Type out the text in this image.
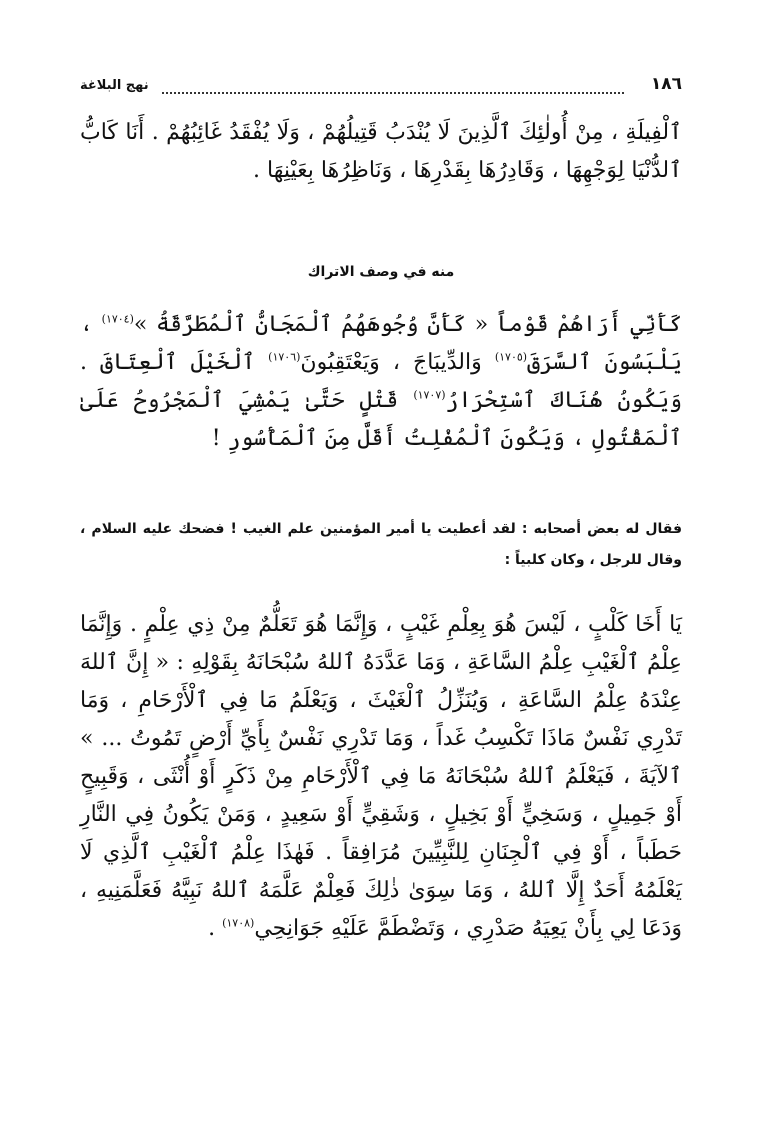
نهج البلاغة	١٨٦
ٱلْفِيلَةِ ، مِنْ أُولٰئِكَ ٱلَّذِينَ لَا يُنْدَبُ قَتِيلُهُمْ ، وَلَا يُفْقَدُ غَائِبُهُمْ . أَنَا كَابُّ ٱلدُّنْيَا لِوَجْهِهَا ، وَقَادِرُهَا بِقَدْرِهَا ، وَنَاظِرُهَا بِعَيْنِهَا .
منه في وصف الاتراك
كَأَنِّي أَرَاهُمْ قَوْماً « كَأَنَّ وُجُوهَهُمُ ٱلْمَجَانُّ ٱلْمُطَرَّقَةُ »$^{(١٧٠٤)}$ ، يَلْبَسُونَ ٱلسَّرَقَ$^{(١٧٠٥)}$ وَالدِّيبَاجَ ، وَيَعْتَقِبُونَ$^{(١٧٠٦)}$ ٱلْخَيْلَ ٱلْعِتَاقَ . وَيَكُونُ هُنَاكَ ٱسْتِحْرَارُ$^{(١٧٠٧)}$ قَتْلٍ حَتَّىٰ يَمْشِيَ ٱلْمَجْرُوحُ عَلَىٰ ٱلْمَقْتُولِ ، وَيَكُونَ ٱلْمُفْلِتُ أَقَلَّ مِنَ ٱلْمَأْسُورِ !
فقال له بعض أصحابه : لقد أعطيت يا أمير المؤمنين علم الغيب ! فضحك عليه السلام ، وقال للرجل ، وكان كلبياً :
يَا أَخَا كَلْبٍ ، لَيْسَ هُوَ بِعِلْمِ غَيْبٍ ، وَإِنَّمَا هُوَ تَعَلُّمٌ مِنْ ذِي عِلْمٍ . وَإِنَّمَا عِلْمُ ٱلْغَيْبِ عِلْمُ السَّاعَةِ ، وَمَا عَدَّدَهُ ٱللهُ سُبْحَانَهُ بِقَوْلِهِ : « إِنَّ ٱللهَ عِنْدَهُ عِلْمُ السَّاعَةِ ، وَيُنَزِّلُ ٱلْغَيْثَ ، وَيَعْلَمُ مَا فِي ٱلْأَرْحَامِ ، وَمَا تَدْرِي نَفْسٌ مَاذَا تَكْسِبُ غَداً ، وَمَا تَدْرِي نَفْسٌ بِأَيِّ أَرْضٍ تَمُوتُ ... » ٱلآيَةَ ، فَيَعْلَمُ ٱللهُ سُبْحَانَهُ مَا فِي ٱلْأَرْحَامِ مِنْ ذَكَرٍ أَوْ أُنْثَى ، وَقَبِيحٍ أَوْ جَمِيلٍ ، وَسَخِيٍّ أَوْ بَخِيلٍ ، وَشَقِيٍّ أَوْ سَعِيدٍ ، وَمَنْ يَكُونُ فِي النَّارِ حَطَباً ، أَوْ فِي ٱلْجِنَانِ لِلنَّبِيِّينَ مُرَافِقاً . فَهٰذَا عِلْمُ ٱلْغَيْبِ ٱلَّذِي لَا يَعْلَمُهُ أَحَدٌ إِلَّا ٱللهُ ، وَمَا سِوَىٰ ذٰلِكَ فَعِلْمٌ عَلَّمَهُ ٱللهُ نَبِيَّهُ فَعَلَّمَنِيهِ ، وَدَعَا لِي بِأَنْ يَعِيَهُ صَدْرِي ، وَتَضْطَمَّ عَلَيْهِ جَوَانِحِي$^{(١٧٠٨)}$ .
